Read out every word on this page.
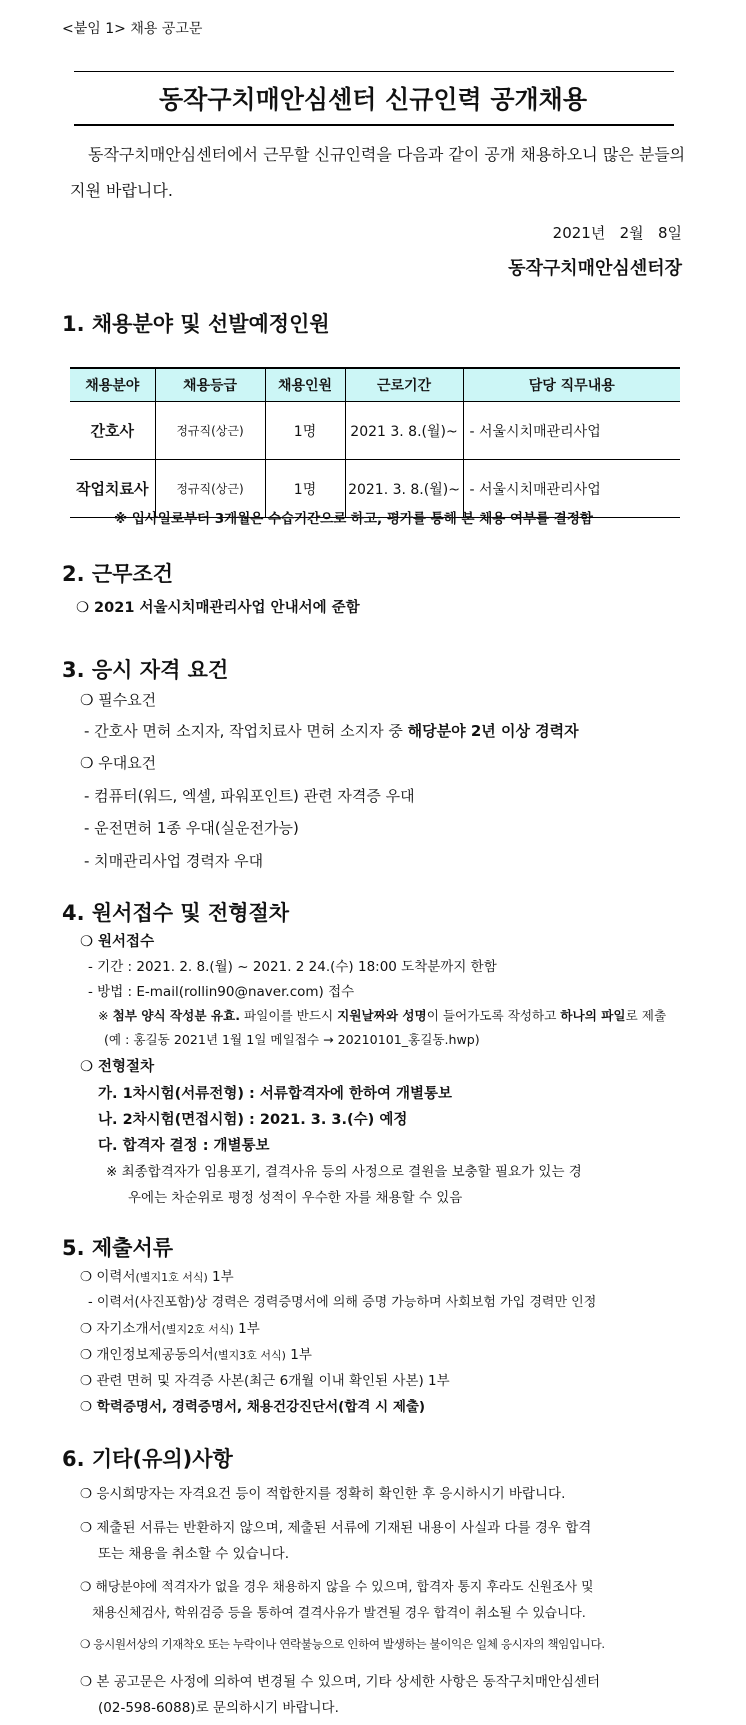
<붙임 1> 채용 공고문
동작구치매안심센터 신규인력 공개채용
동작구치매안심센터에서 근무할 신규인력을 다음과 같이 공개 채용하오니 많은 분들의
지원 바랍니다.
2021년   2월   8일
동작구치매안심센터장
1. 채용분야 및 선발예정인원
채용분야	채용등급	채용인원	근로기간	담당 직무내용
간호사	정규직(상근)	1명	2021 3. 8.(월)~	- 서울시치매관리사업
작업치료사	정규직(상근)	1명	2021. 3. 8.(월)~	- 서울시치매관리사업
※ 입사일로부터 3개월은 수습기간으로 하고, 평가를 통해 본 채용 여부를 결정함
2. 근무조건
❍ 2021 서울시치매관리사업 안내서에 준함
3. 응시 자격 요건
❍ 필수요건
- 간호사 면허 소지자, 작업치료사 면허 소지자 중 해당분야 2년 이상 경력자
❍ 우대요건
- 컴퓨터(워드, 엑셀, 파워포인트) 관련 자격증 우대
- 운전면허 1종 우대(실운전가능)
- 치매관리사업 경력자 우대
4. 원서접수 및 전형절차
❍ 원서접수
- 기간 : 2021. 2. 8.(월) ~ 2021. 2 24.(수) 18:00 도착분까지 한함
- 방법 : E-mail(rollin90@naver.com) 접수
※ 첨부 양식 작성분 유효. 파일이를 반드시 지원날짜와 성명이 들어가도록 작성하고 하나의 파일로 제출
(예 : 홍길동 2021년 1월 1일 메일접수 → 20210101_홍길동.hwp)
❍ 전형절차
가. 1차시험(서류전형) : 서류합격자에 한하여 개별통보
나. 2차시험(면접시험) : 2021. 3. 3.(수) 예정
다. 합격자 결정 : 개별통보
※ 최종합격자가 임용포기, 결격사유 등의 사정으로 결원을 보충할 필요가 있는 경
우에는 차순위로 평정 성적이 우수한 자를 채용할 수 있음
5. 제출서류
❍ 이력서(별지1호 서식) 1부
- 이력서(사진포함)상 경력은 경력증명서에 의해 증명 가능하며 사회보험 가입 경력만 인정
❍ 자기소개서(별지2호 서식) 1부
❍ 개인정보제공동의서(별지3호 서식) 1부
❍ 관련 면허 및 자격증 사본(최근 6개월 이내 확인된 사본) 1부
❍ 학력증명서, 경력증명서, 채용건강진단서(합격 시 제출)
6. 기타(유의)사항
❍ 응시희망자는 자격요건 등이 적합한지를 정확히 확인한 후 응시하시기 바랍니다.
❍ 제출된 서류는 반환하지 않으며, 제출된 서류에 기재된 내용이 사실과 다를 경우 합격
또는 채용을 취소할 수 있습니다.
❍ 해당분야에 적격자가 없을 경우 채용하지 않을 수 있으며, 합격자 통지 후라도 신원조사 및
채용신체검사, 학위검증 등을 통하여 결격사유가 발견될 경우 합격이 취소될 수 있습니다.
❍ 응시원서상의 기재착오 또는 누락이나 연락불능으로 인하여 발생하는 불이익은 일체 응시자의 책임입니다.
❍ 본 공고문은 사정에 의하여 변경될 수 있으며, 기타 상세한 사항은 동작구치매안심센터
(02-598-6088)로 문의하시기 바랍니다.
